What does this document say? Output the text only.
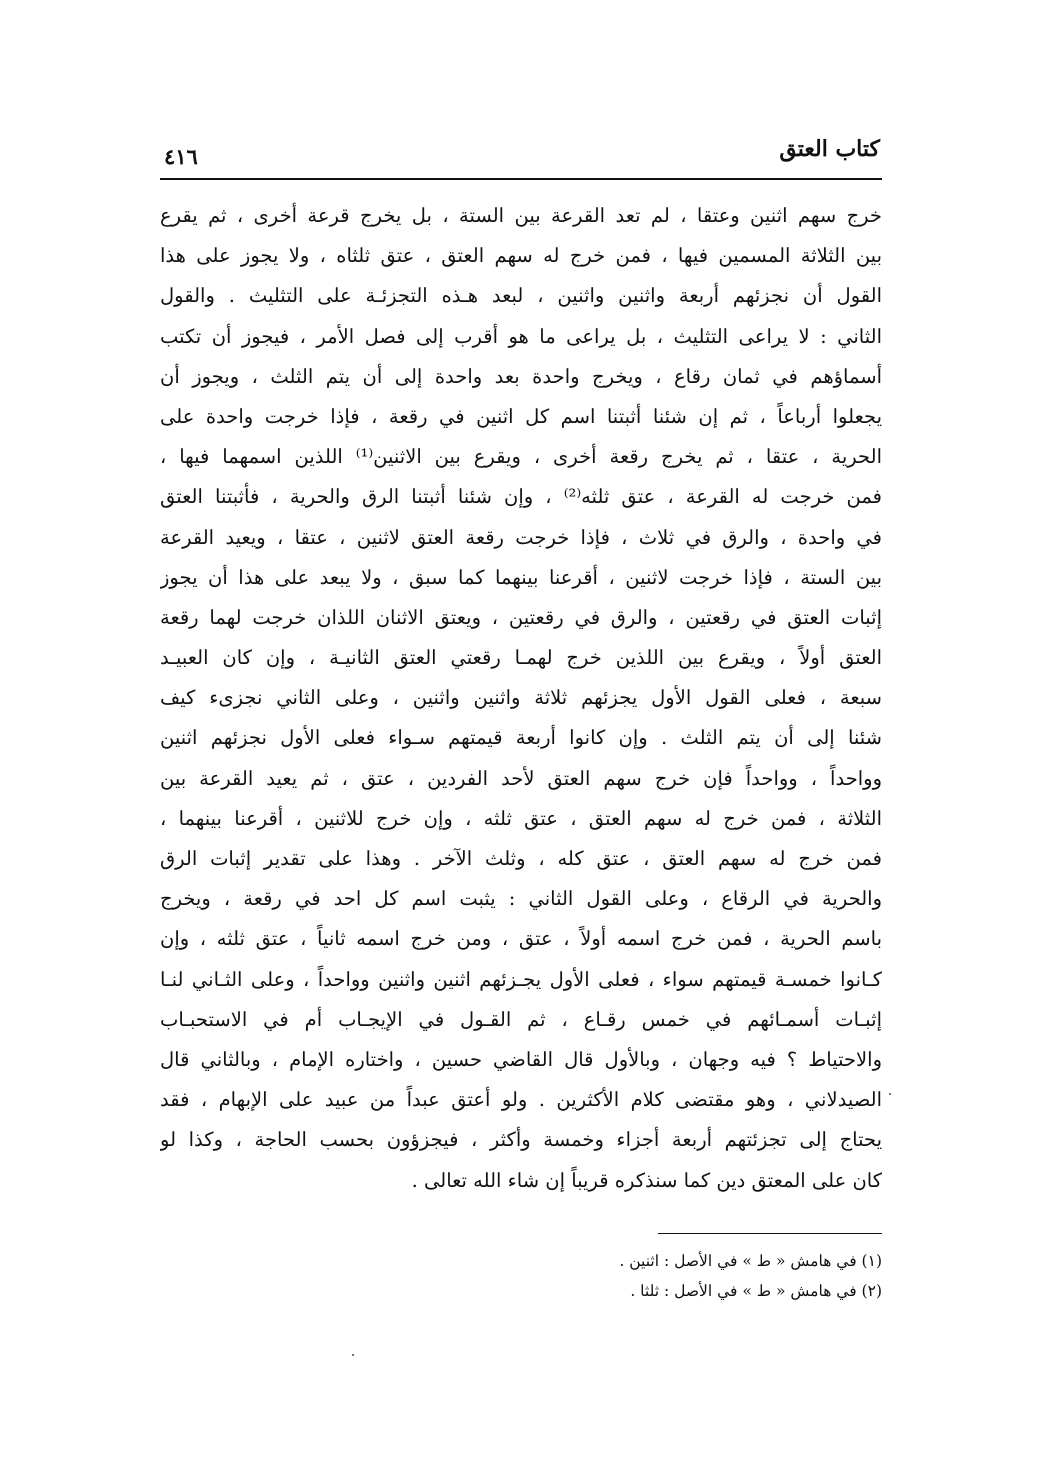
كتاب العتق
٤١٦
خرج سهم اثنين وعتقا ، لم تعد القرعة بين الستة ، بل يخرج قرعة أخرى ، ثم يقرع
بين الثلاثة المسمين فيها ، فمن خرج له سهم العتق ، عتق ثلثاه ، ولا يجوز على هذا
القول أن نجزئهم أربعة واثنين واثنين ، لبعد هـذه التجزئـة على التثليث . والقول
الثاني : لا يراعى التثليث ، بل يراعى ما هو أقرب إلى فصل الأمر ، فيجوز أن تكتب
أسماؤهم في ثمان رقاع ، ويخرج واحدة بعد واحدة إلى أن يتم الثلث ، ويجوز أن
يجعلوا أرباعاً ، ثم إن شئنا أثبتنا اسم كل اثنين في رقعة ، فإذا خرجت واحدة على
الحرية ، عتقا ، ثم يخرج رقعة أخرى ، ويقرع بين الاثنين⁽¹⁾ اللذين اسمهما فيها ،
فمن خرجت له القرعة ، عتق ثلثه⁽²⁾ ، وإن شئنا أثبتنا الرق والحرية ، فأثبتنا العتق
في واحدة ، والرق في ثلاث ، فإذا خرجت رقعة العتق لاثنين ، عتقا ، ويعيد القرعة
بين الستة ، فإذا خرجت لاثنين ، أقرعنا بينهما كما سبق ، ولا يبعد على هذا أن يجوز
إثبات العتق في رقعتين ، والرق في رقعتين ، ويعتق الاثنان اللذان خرجت لهما رقعة
العتق أولاً ، ويقرع بين اللذين خرج لهمـا رقعتي العتق الثانيـة ، وإن كان العبيـد
سبعة ، فعلى القول الأول يجزئهم ثلاثة واثنين واثنين ، وعلى الثاني نجزىء كيف
شئنا إلى أن يتم الثلث . وإن كانوا أربعة قيمتهم سـواء فعلى الأول نجزئهم اثنين
وواحداً ، وواحداً فإن خرج سهم العتق لأحد الفردين ، عتق ، ثم يعيد القرعة بين
الثلاثة ، فمن خرج له سهم العتق ، عتق ثلثه ، وإن خرج للاثنين ، أقرعنا بينهما ،
فمن خرج له سهم العتق ، عتق كله ، وثلث الآخر . وهذا على تقدير إثبات الرق
والحرية في الرقاع ، وعلى القول الثاني : يثبت اسم كل احد في رقعة ، ويخرج
باسم الحرية ، فمن خرج اسمه أولاً ، عتق ، ومن خرج اسمه ثانياً ، عتق ثلثه ، وإن
كـانوا خمسـة قيمتهم سواء ، فعلى الأول يجـزئهم اثنين واثنين وواحداً ، وعلى الثـاني لنـا
إثبـات أسمـائهم في خمس رقـاع ، ثم القـول في الإيجـاب أم في الاستحبـاب
والاحتياط ؟ فيه وجهان ، وبالأول قال القاضي حسين ، واختاره الإمام ، وبالثاني قال
الصيدلاني ، وهو مقتضى كلام الأكثرين . ولو أعتق عبداً من عبيد على الإبهام ، فقد
يحتاج إلى تجزئتهم أربعة أجزاء وخمسة وأكثر ، فيجزؤون بحسب الحاجة ، وكذا لو
كان على المعتق دين كما سنذكره قريباً إن شاء الله تعالى .
(١) في هامش « ط » في الأصل : اثنين .
(٢) في هامش « ط » في الأصل : ثلثا .
